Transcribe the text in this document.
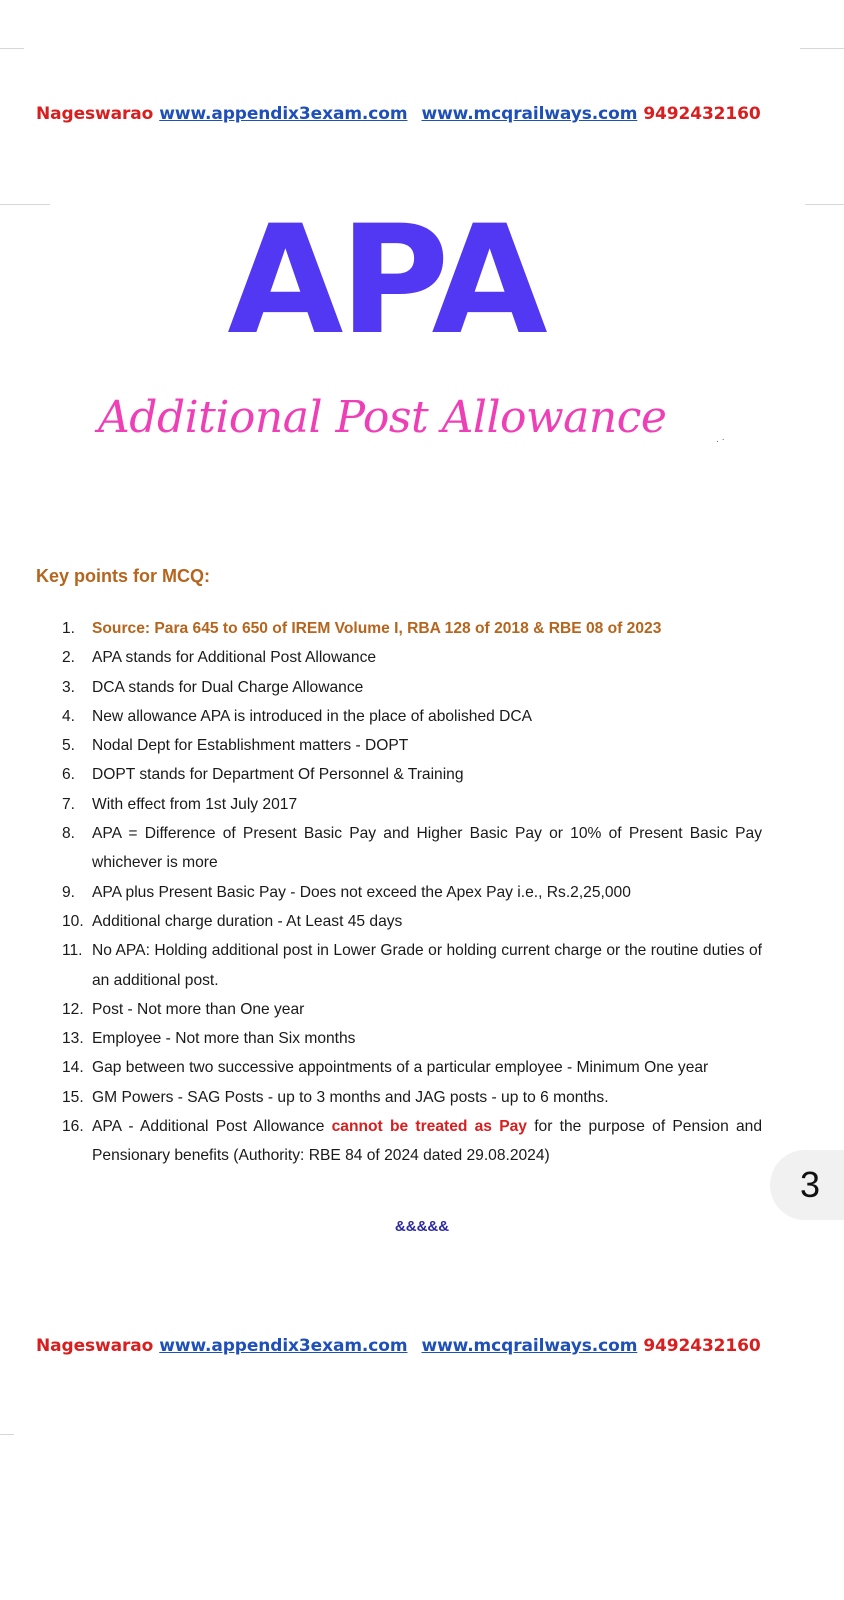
Nageswarao www.appendix3exam.com www.mcqrailways.com 9492432160
APA
Additional Post Allowance	. ·
Key points for MCQ:
1.	Source: Para 645 to 650 of IREM Volume I, RBA 128 of 2018 & RBE 08 of 2023
2.	APA stands for Additional Post Allowance
3.	DCA stands for Dual Charge Allowance
4.	New allowance APA is introduced in the place of abolished DCA
5.	Nodal Dept for Establishment matters - DOPT
6.	DOPT stands for Department Of Personnel & Training
7.	With effect from 1st July 2017
8.	APA = Difference of Present Basic Pay and Higher Basic Pay or 10% of Present Basic Pay whichever is more
9.	APA plus Present Basic Pay - Does not exceed the Apex Pay i.e., Rs.2,25,000
10. Additional charge duration - At Least 45 days
11. No APA: Holding additional post in Lower Grade or holding current charge or the routine duties of an additional post.
12. Post - Not more than One year
13. Employee - Not more than Six months
14. Gap between two successive appointments of a particular employee - Minimum One year
15. GM Powers - SAG Posts - up to 3 months and JAG posts - up to 6 months.
16. APA - Additional Post Allowance cannot be treated as Pay for the purpose of Pension and Pensionary benefits (Authority: RBE 84 of 2024 dated 29.08.2024)
3
&&&&&
Nageswarao www.appendix3exam.com www.mcqrailways.com 9492432160
